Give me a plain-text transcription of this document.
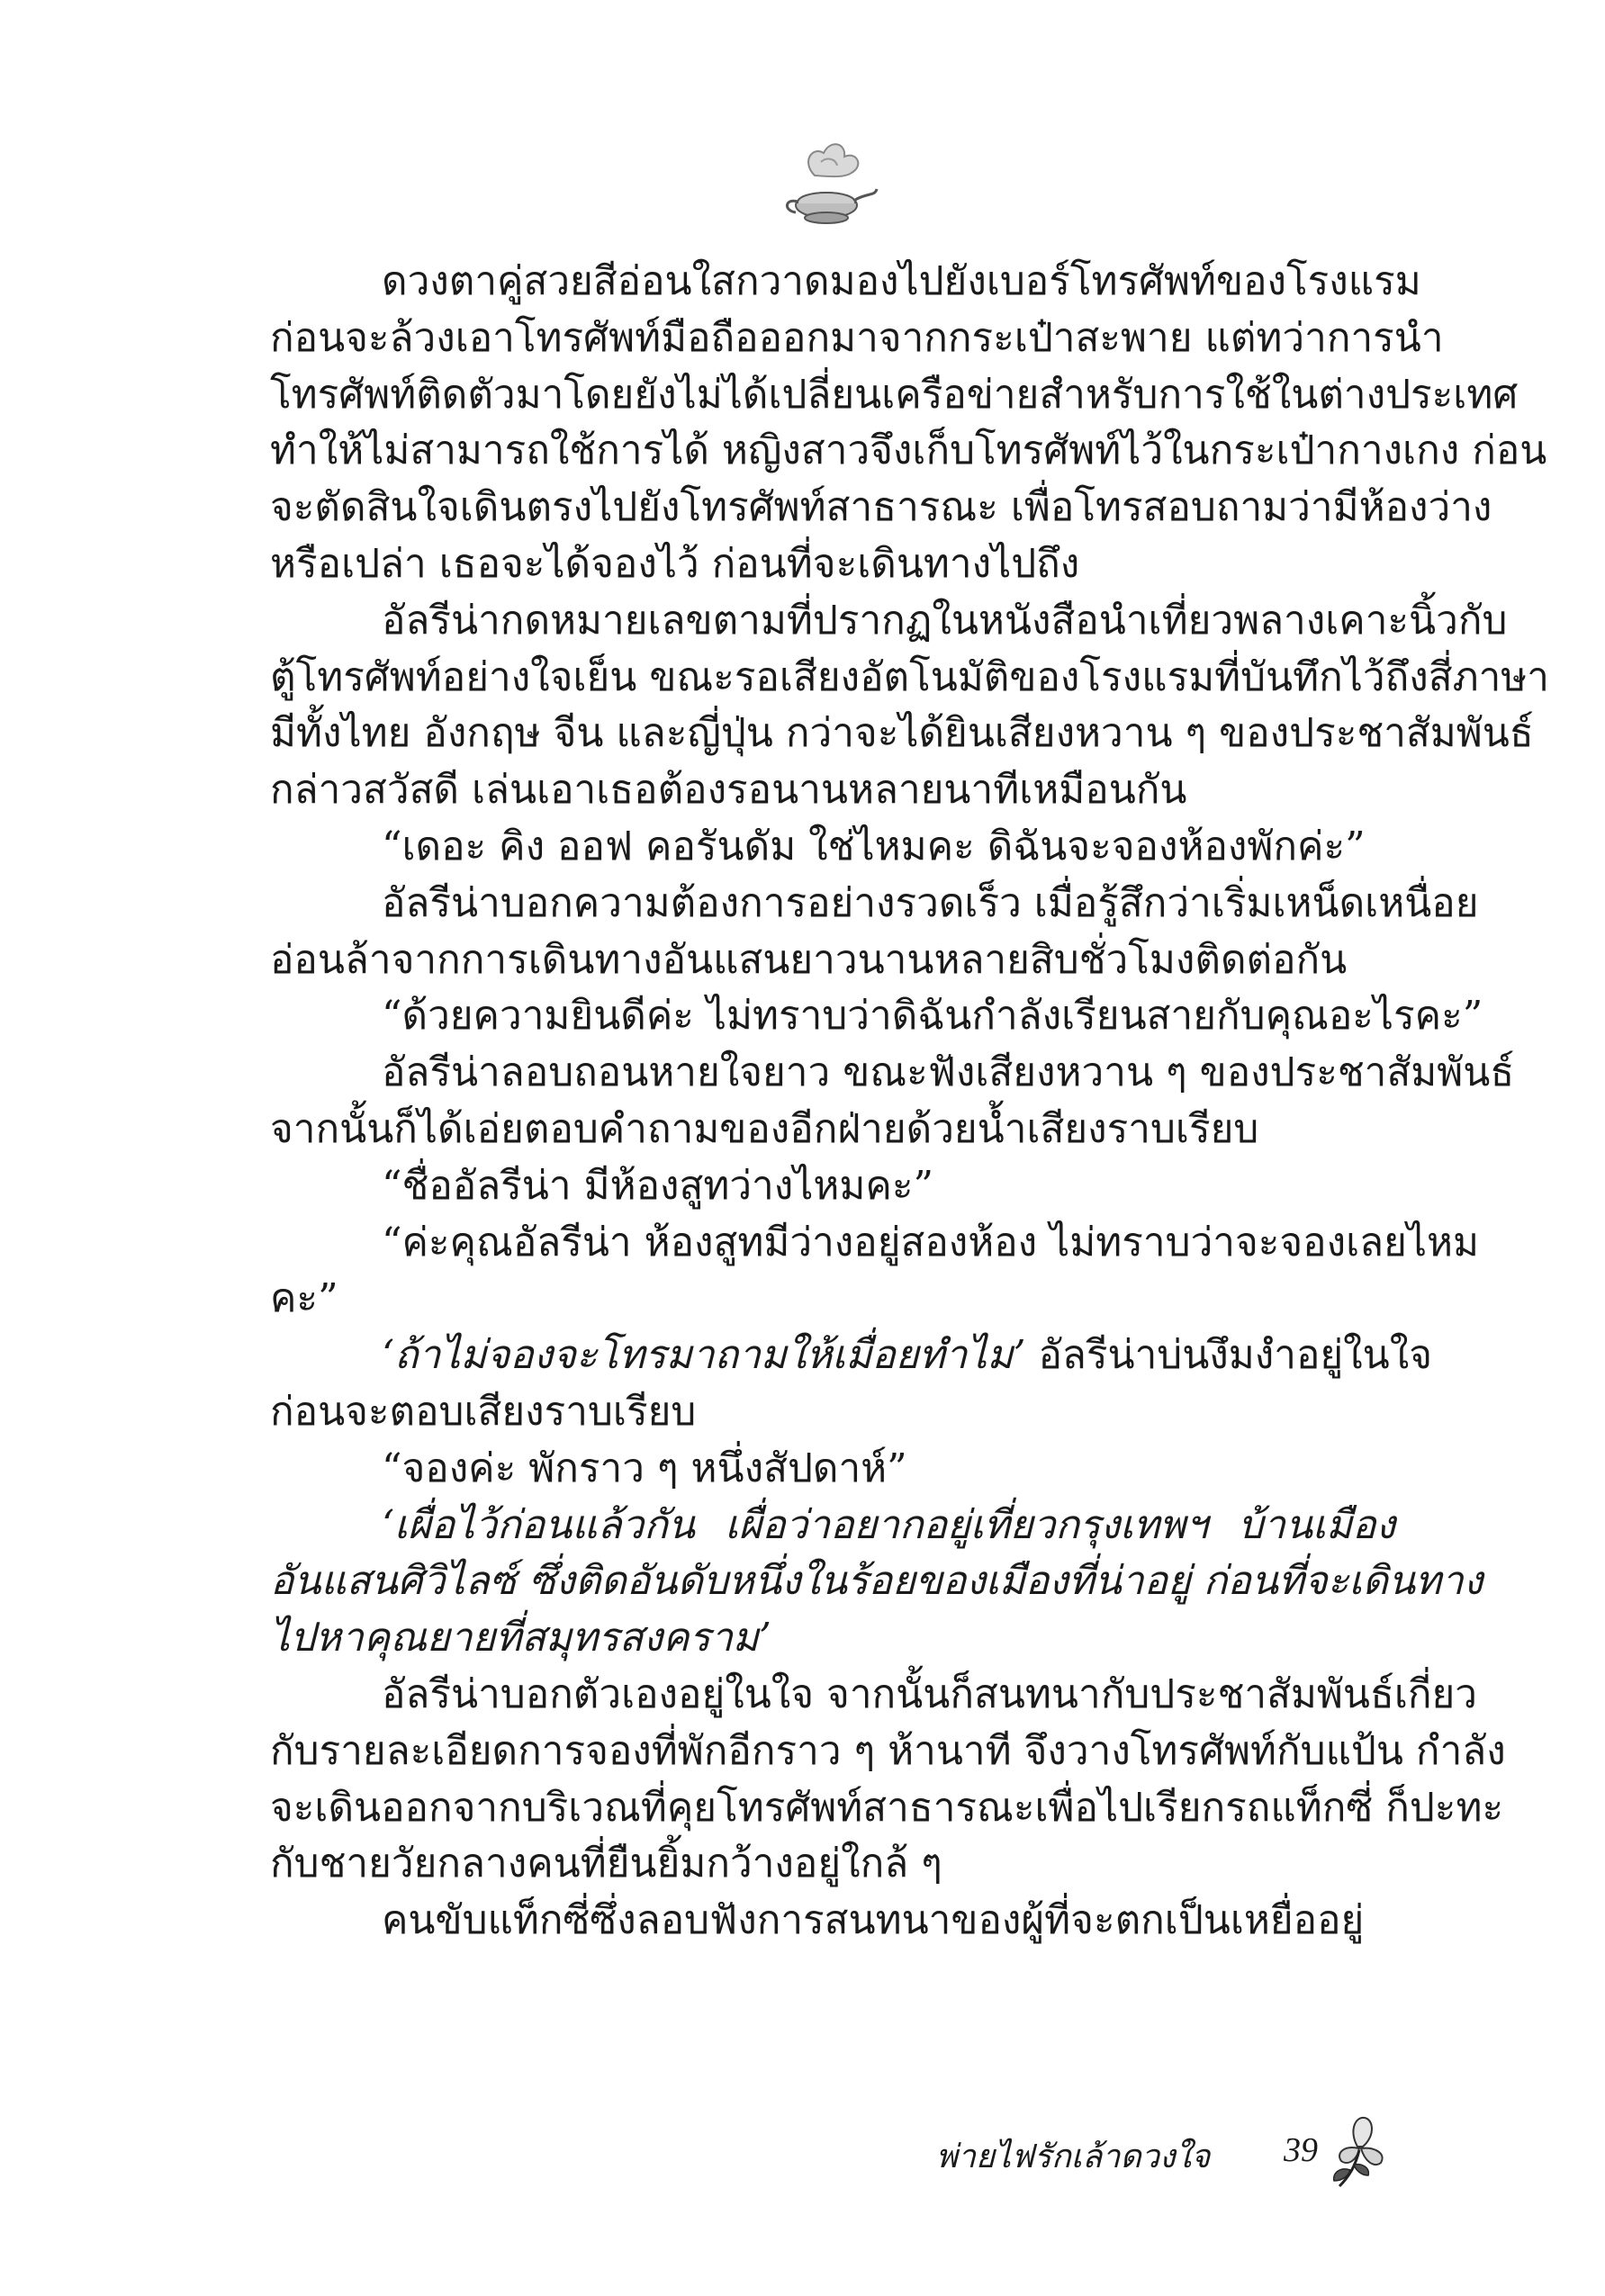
ดวงตาคู่สวยสีอ่อนใสกวาดมองไปยังเบอร์โทรศัพท์ของโรงแรม
ก่อนจะล้วงเอาโทรศัพท์มือถือออกมาจากกระเป๋าสะพาย แต่ทว่าการนำ
โทรศัพท์ติดตัวมาโดยยังไม่ได้เปลี่ยนเครือข่ายสำหรับการใช้ในต่างประเทศ
ทำให้ไม่สามารถใช้การได้ หญิงสาวจึงเก็บโทรศัพท์ไว้ในกระเป๋ากางเกง ก่อน
จะตัดสินใจเดินตรงไปยังโทรศัพท์สาธารณะ เพื่อโทรสอบถามว่ามีห้องว่าง
หรือเปล่า เธอจะได้จองไว้ ก่อนที่จะเดินทางไปถึง
อัลรีน่ากดหมายเลขตามที่ปรากฏในหนังสือนำเที่ยวพลางเคาะนิ้วกับ
ตู้โทรศัพท์อย่างใจเย็น ขณะรอเสียงอัตโนมัติของโรงแรมที่บันทึกไว้ถึงสี่ภาษา
มีทั้งไทย อังกฤษ จีน และญี่ปุ่น กว่าจะได้ยินเสียงหวาน ๆ ของประชาสัมพันธ์
กล่าวสวัสดี เล่นเอาเธอต้องรอนานหลายนาทีเหมือนกัน
“เดอะ คิง ออฟ คอรันดัม ใช่ไหมคะ ดิฉันจะจองห้องพักค่ะ”
อัลรีน่าบอกความต้องการอย่างรวดเร็ว เมื่อรู้สึกว่าเริ่มเหน็ดเหนื่อย
อ่อนล้าจากการเดินทางอันแสนยาวนานหลายสิบชั่วโมงติดต่อกัน
“ด้วยความยินดีค่ะ ไม่ทราบว่าดิฉันกำลังเรียนสายกับคุณอะไรคะ”
อัลรีน่าลอบถอนหายใจยาว ขณะฟังเสียงหวาน ๆ ของประชาสัมพันธ์
จากนั้นก็ได้เอ่ยตอบคำถามของอีกฝ่ายด้วยน้ำเสียงราบเรียบ
“ชื่ออัลรีน่า มีห้องสูทว่างไหมคะ”
“ค่ะคุณอัลรีน่า ห้องสูทมีว่างอยู่สองห้อง ไม่ทราบว่าจะจองเลยไหม
คะ”
‘ถ้าไม่จองจะโทรมาถามให้เมื่อยทำไม’ อัลรีน่าบ่นงึมงำอยู่ในใจ
ก่อนจะตอบเสียงราบเรียบ
“จองค่ะ พักราว ๆ หนึ่งสัปดาห์”
‘เผื่อไว้ก่อนแล้วกัน เผื่อว่าอยากอยู่เที่ยวกรุงเทพฯ บ้านเมือง
อันแสนศิวิไลซ์ ซึ่งติดอันดับหนึ่งในร้อยของเมืองที่น่าอยู่ ก่อนที่จะเดินทาง
ไปหาคุณยายที่สมุทรสงคราม’
อัลรีน่าบอกตัวเองอยู่ในใจ จากนั้นก็สนทนากับประชาสัมพันธ์เกี่ยว
กับรายละเอียดการจองที่พักอีกราว ๆ ห้านาที จึงวางโทรศัพท์กับแป้น กำลัง
จะเดินออกจากบริเวณที่คุยโทรศัพท์สาธารณะเพื่อไปเรียกรถแท็กซี่ ก็ปะทะ
กับชายวัยกลางคนที่ยืนยิ้มกว้างอยู่ใกล้ ๆ
คนขับแท็กซี่ซึ่งลอบฟังการสนทนาของผู้ที่จะตกเป็นเหยื่ออยู่
พ่ายไฟรักเล้าดวงใจ 39
